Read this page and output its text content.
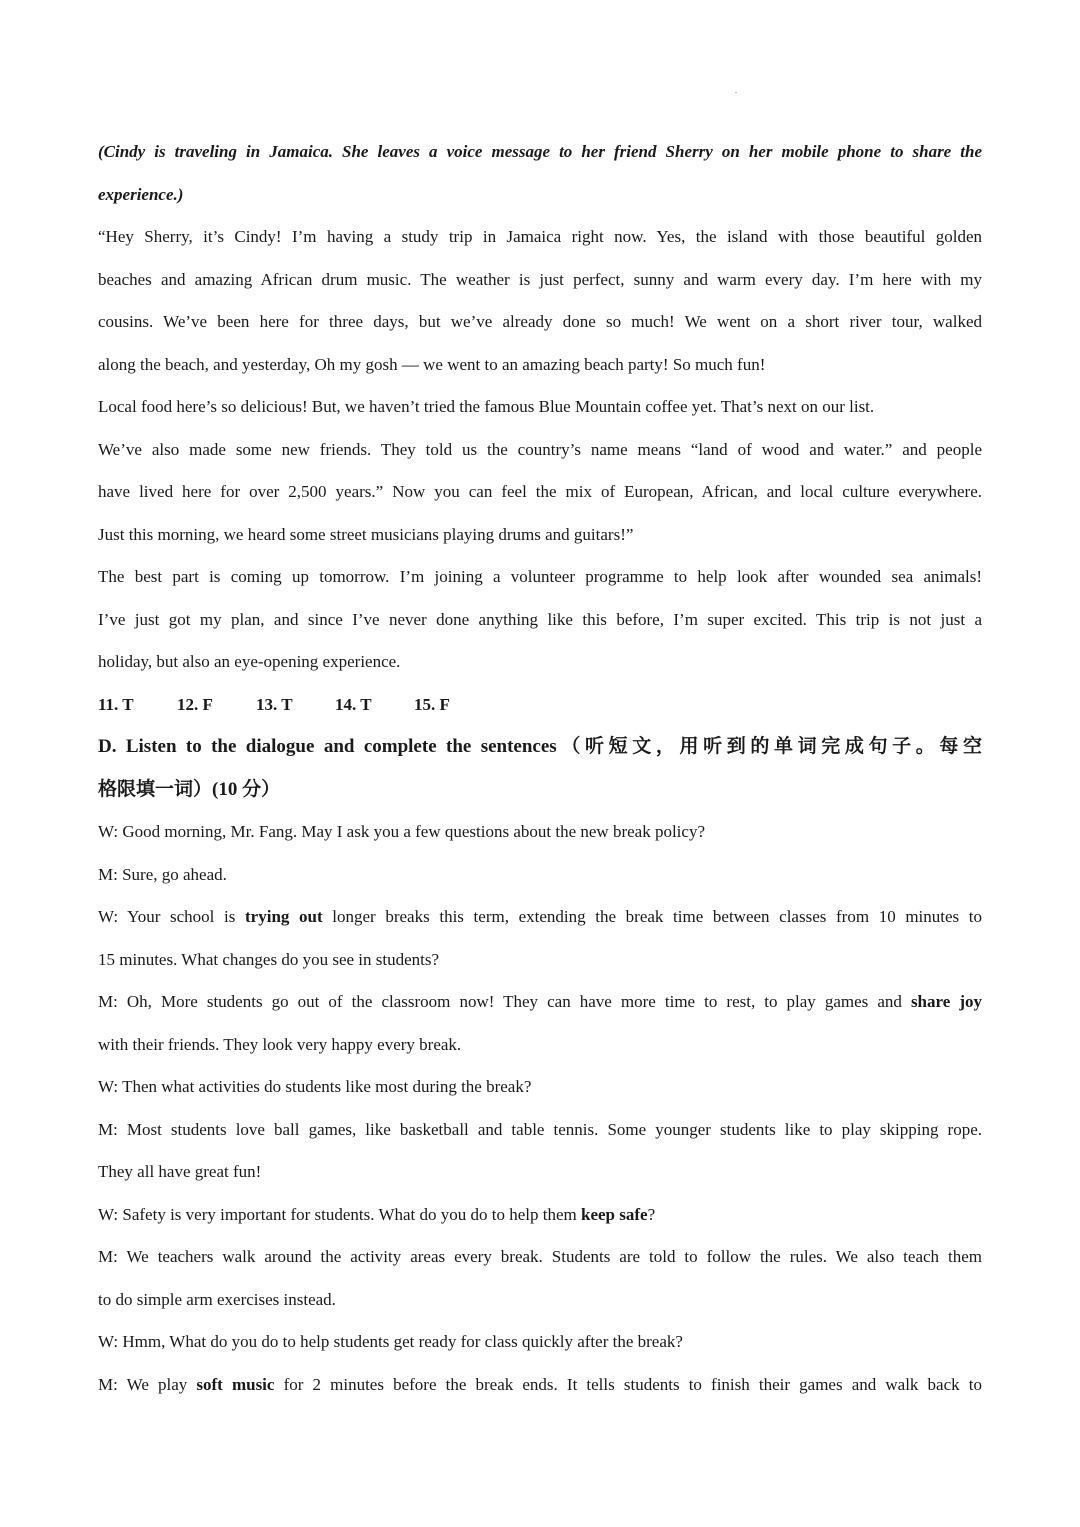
(Cindy is traveling in Jamaica. She leaves a voice message to her friend Sherry on her mobile phone to share the
experience.)
“Hey Sherry, it’s Cindy! I’m having a study trip in Jamaica right now. Yes, the island with those beautiful golden
beaches and amazing African drum music. The weather is just perfect, sunny and warm every day. I’m here with my
cousins. We’ve been here for three days, but we’ve already done so much! We went on a short river tour, walked
along the beach, and yesterday, Oh my gosh — we went to an amazing beach party! So much fun!
Local food here’s so delicious! But, we haven’t tried the famous Blue Mountain coffee yet. That’s next on our list.
We’ve also made some new friends. They told us the country’s name means “land of wood and water.” and people
have lived here for over 2,500 years.” Now you can feel the mix of European, African, and local culture everywhere.
Just this morning, we heard some street musicians playing drums and guitars!”
The best part is coming up tomorrow. I’m joining a volunteer programme to help look after wounded sea animals!
I’ve just got my plan, and since I’ve never done anything like this before, I’m super excited. This trip is not just a
holiday, but also an eye-opening experience.
11. T	12. F	13. T	14. T	15. F
D. Listen to the dialogue and complete the sentences（听短文，用听到的单词完成句子。每空
格限填一词）(10 分）
W: Good morning, Mr. Fang. May I ask you a few questions about the new break policy?
M: Sure, go ahead.
W: Your school is trying out longer breaks this term, extending the break time between classes from 10 minutes to
15 minutes. What changes do you see in students?
M: Oh, More students go out of the classroom now! They can have more time to rest, to play games and share joy
with their friends. They look very happy every break.
W: Then what activities do students like most during the break?
M: Most students love ball games, like basketball and table tennis. Some younger students like to play skipping rope.
They all have great fun!
W: Safety is very important for students. What do you do to help them keep safe?
M: We teachers walk around the activity areas every break. Students are told to follow the rules. We also teach them
to do simple arm exercises instead.
W: Hmm, What do you do to help students get ready for class quickly after the break?
M: We play soft music for 2 minutes before the break ends. It tells students to finish their games and walk back to
